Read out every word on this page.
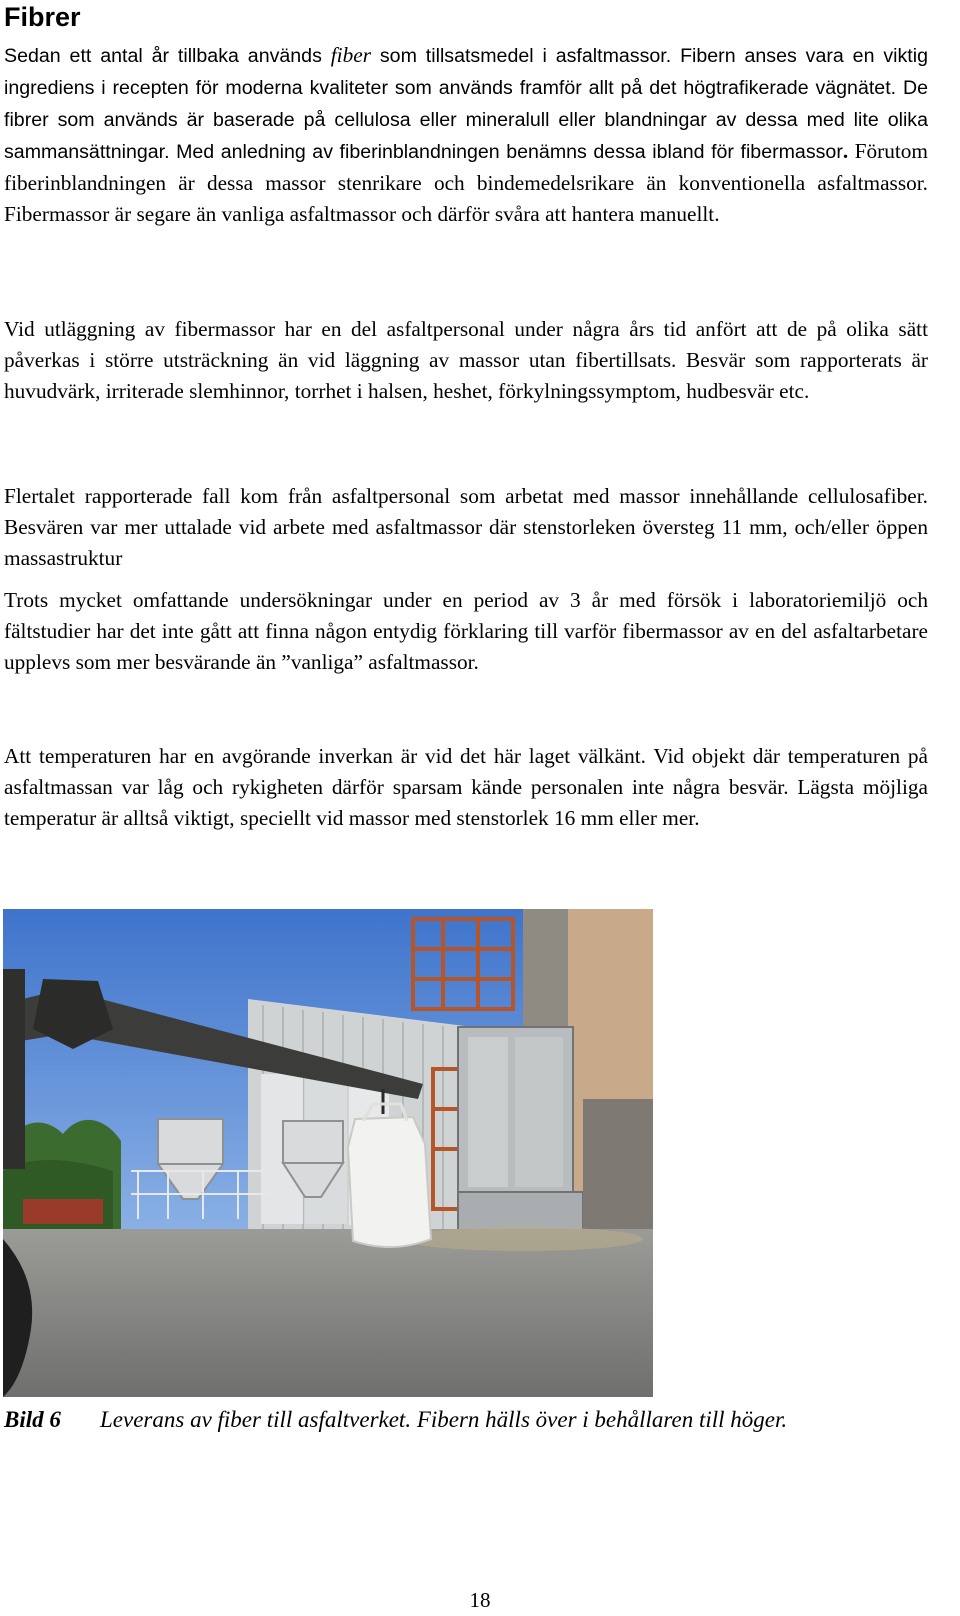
Fibrer

Sedan ett antal år tillbaka används fiber som tillsatsmedel i asfaltmassor. Fibern anses vara en viktig ingrediens i recepten för moderna kvaliteter som används framför allt på det högtrafikerade vägnätet. De fibrer som används är baserade på cellulosa eller mineralull eller blandningar av dessa med lite olika sammansättningar. Med anledning av fiberinblandningen benämns dessa ibland för fibermassor. Förutom fiberinblandningen är dessa massor stenrikare och bindemedelsrikare än konventionella asfaltmassor. Fibermassor är segare än vanliga asfaltmassor och därför svåra att hantera manuellt.

Vid utläggning av fibermassor har en del asfaltpersonal under några års tid anfört att de på olika sätt påverkas i större utsträckning än vid läggning av massor utan fibertillsats. Besvär som rapporterats är huvudvärk, irriterade slemhinnor, torrhet i halsen, heshet, förkylningssymptom, hudbesvär etc.

Flertalet rapporterade fall kom från asfaltpersonal som arbetat med massor innehållande cellulosafiber. Besvären var mer uttalade vid arbete med asfaltmassor där stenstorleken översteg 11 mm, och/eller öppen massastruktur

Trots mycket omfattande undersökningar under en period av 3 år med försök i laboratoriemiljö och fältstudier har det inte gått att finna någon entydig förklaring till varför fibermassor av en del asfaltarbetare upplevs som mer besvärande än ”vanliga” asfaltmassor.

Att temperaturen har en avgörande inverkan är vid det här laget välkänt. Vid objekt där temperaturen på asfaltmassan var låg och rykigheten därför sparsam kände personalen inte några besvär. Lägsta möjliga temperatur är alltså viktigt, speciellt vid massor med stenstorlek 16 mm eller mer.

Bild 6 Leverans av fiber till asfaltverket. Fibern hälls över i behållaren till höger.

18
